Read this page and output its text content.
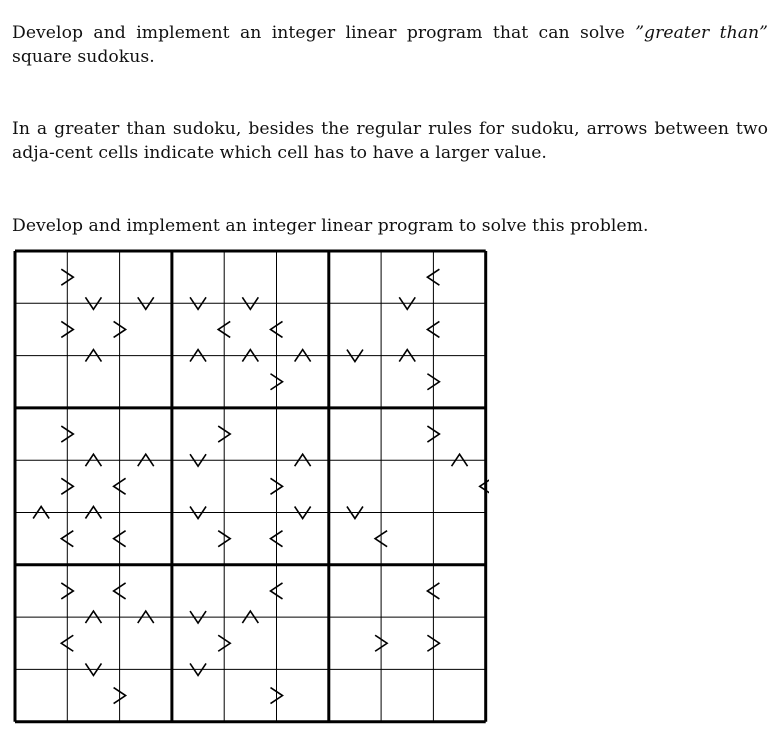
Develop and implement an integer linear program that can solve ”greater than” square sudokus.

In a greater than sudoku, besides the regular rules for sudoku, arrows between two adja-cent cells indicate which cell has to have a larger value.

Develop and implement an integer linear program to solve this problem.
